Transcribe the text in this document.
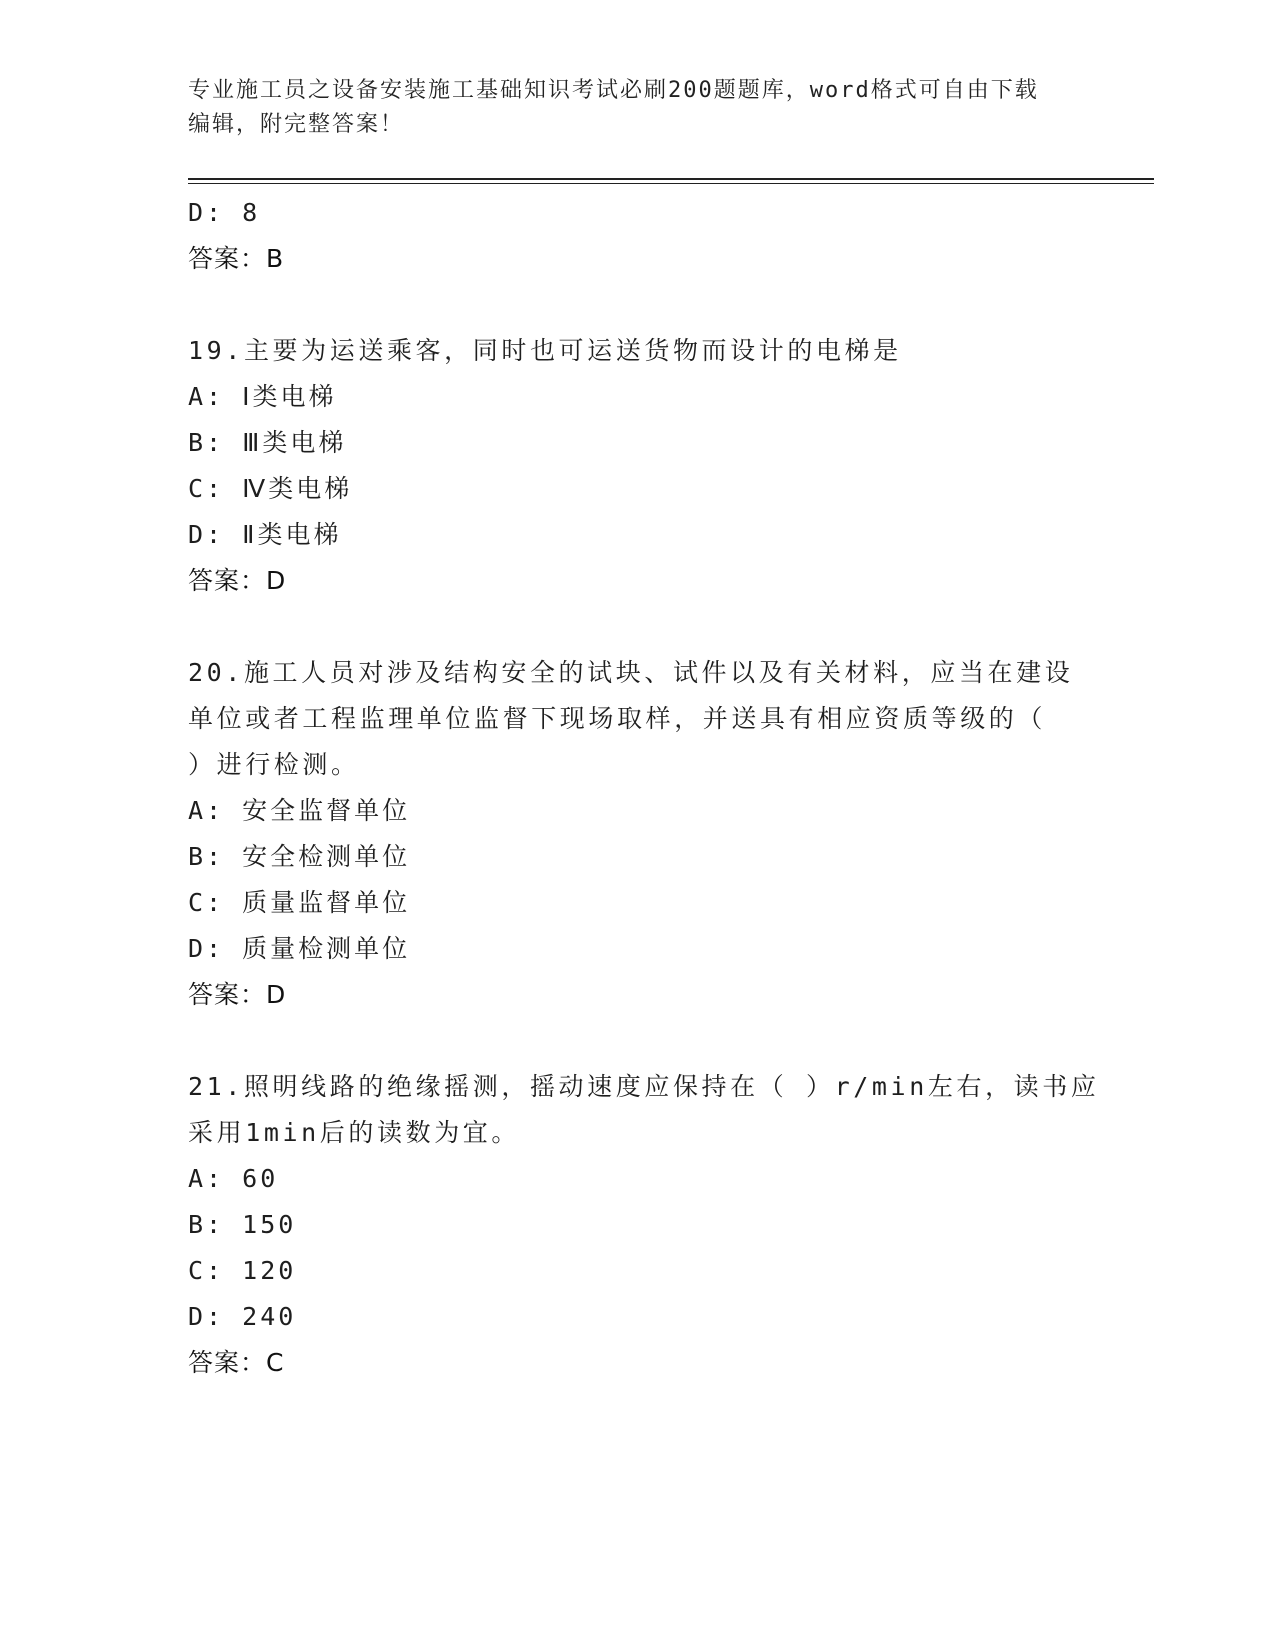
专业施工员之设备安装施工基础知识考试必刷200题题库，word格式可自由下载
编辑，附完整答案！
D: 8
答案：B
19.主要为运送乘客，同时也可运送货物而设计的电梯是
A: Ⅰ类电梯
B: Ⅲ类电梯
C: Ⅳ类电梯
D: Ⅱ类电梯
答案：D
20.施工人员对涉及结构安全的试块、试件以及有关材料，应当在建设
单位或者工程监理单位监督下现场取样，并送具有相应资质等级的（
）进行检测。
A: 安全监督单位
B: 安全检测单位
C: 质量监督单位
D: 质量检测单位
答案：D
21.照明线路的绝缘摇测，摇动速度应保持在（ ）r/min左右，读书应
采用1min后的读数为宜。
A: 60
B: 150
C: 120
D: 240
答案：C
